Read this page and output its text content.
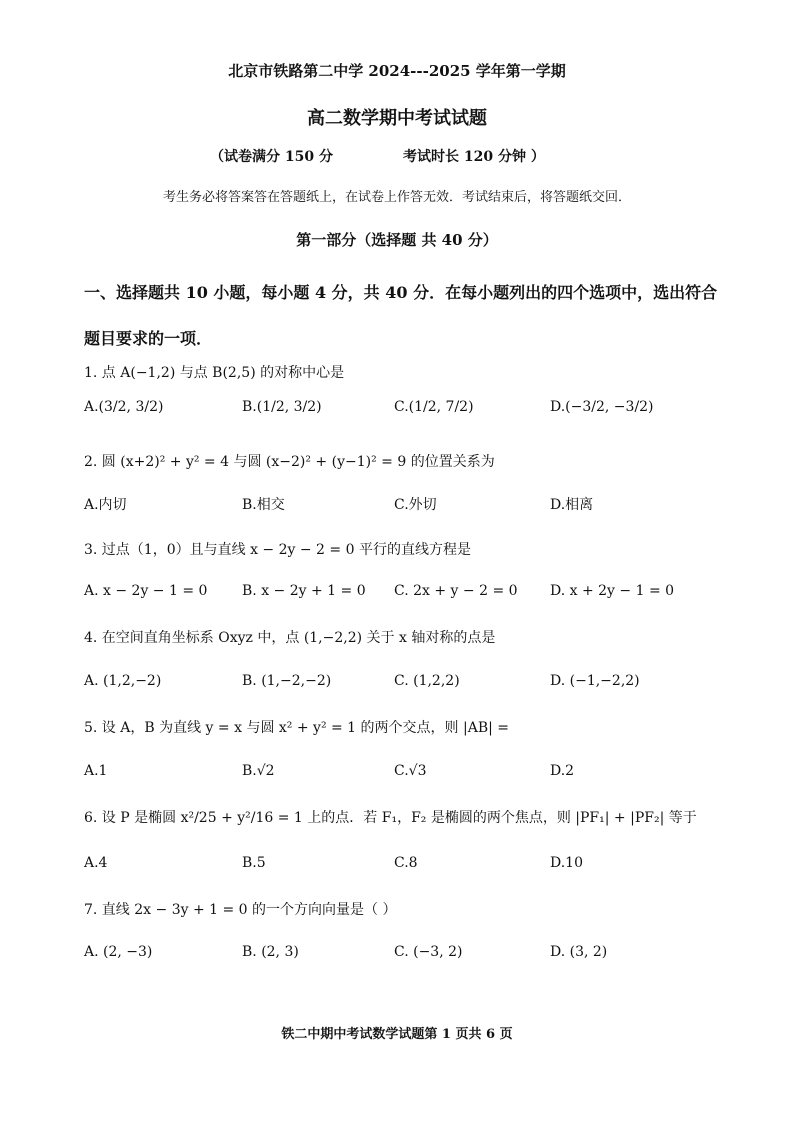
北京市铁路第二中学 2024---2025 学年第一学期
高二数学期中考试试题
（试卷满分 150 分	考试时长 120 分钟 ）
考生务必将答案答在答题纸上，在试卷上作答无效．考试结束后，将答题纸交回．
第一部分（选择题 共 40 分）
一、选择题共 10 小题，每小题 4 分，共 40 分．在每小题列出的四个选项中，选出符合题目要求的一项．
1. 点 A(−1,2) 与点 B(2,5) 的对称中心是
A.(3/2, 3/2)	B.(1/2, 3/2)	C.(1/2, 7/2)	D.(−3/2, −3/2)
2. 圆 (x+2)² + y² = 4 与圆 (x−2)² + (y−1)² = 9 的位置关系为
A.内切	B.相交	C.外切	D.相离
3. 过点（1，0）且与直线 x − 2y − 2 = 0 平行的直线方程是
A. x − 2y − 1 = 0 B. x − 2y + 1 = 0 C. 2x + y − 2 = 0 D. x + 2y − 1 = 0
4. 在空间直角坐标系 Oxyz 中，点 (1,−2,2) 关于 x 轴对称的点是
A. (1,2,−2)	B. (1,−2,−2)	C. (1,2,2)	D. (−1,−2,2)
5. 设 A，B 为直线 y = x 与圆 x² + y² = 1 的两个交点，则 |AB| =
A.1	B.√2	C.√3	D.2
6. 设 P 是椭圆 x²/25 + y²/16 = 1 上的点．若 F₁，F₂ 是椭圆的两个焦点，则 |PF₁| + |PF₂| 等于
A.4	B.5	C.8	D.10
7. 直线 2x − 3y + 1 = 0 的一个方向向量是（ ）
A. (2, −3)	B. (2, 3)	C. (−3, 2)	D. (3, 2)
铁二中期中考试数学试题第 1 页共 6 页
